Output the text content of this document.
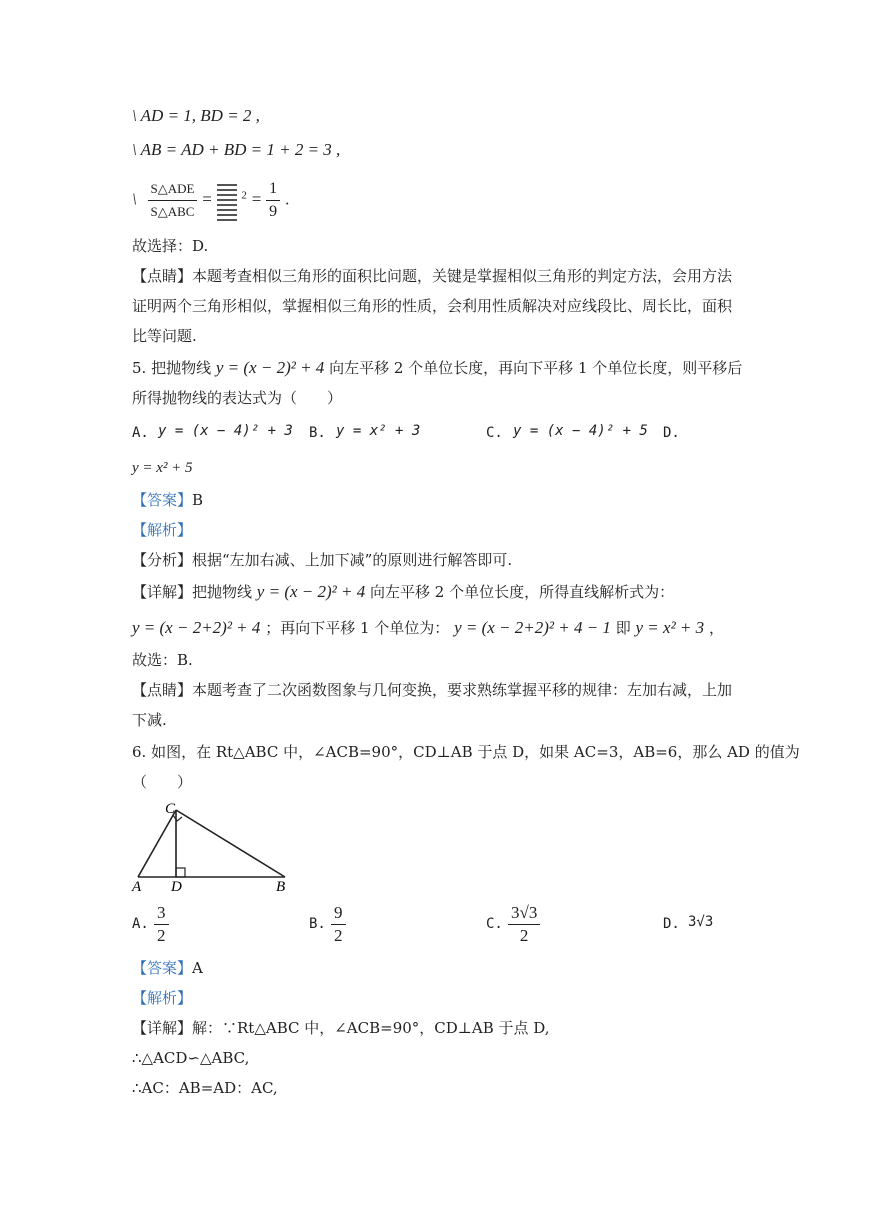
\ AD = 1, BD = 2 ,
\ AB = AD + BD = 1 + 2 = 3 ,
\ $\frac{\text{S△ADE}}{\text{S△ABC}}$ =	$^2 = \frac{1}{9}$ .
故选择：D.
【点睛】本题考查相似三角形的面积比问题，关键是掌握相似三角形的判定方法，会用方法
证明两个三角形相似，掌握相似三角形的性质，会利用性质解决对应线段比、周长比，面积
比等问题.
5. 把抛物线 y = (x − 2)² + 4 向左平移 2 个单位长度，再向下平移 1 个单位长度，则平移后
所得抛物线的表达式为（　　）
A. y = (x − 4)² + 3 B. y = x² + 3	C. y = (x − 4)² + 5 D.
y = x² + 5
【答案】B
【解析】
【分析】根据“左加右减、上加下减”的原则进行解答即可.
【详解】把抛物线 y = (x − 2)² + 4 向左平移 2 个单位长度，所得直线解析式为：
y = (x − 2+2)² + 4 ；再向下平移 1 个单位为： y = (x − 2+2)² + 4 − 1 即 y = x² + 3 ，
故选：B.
【点睛】本题考查了二次函数图象与几何变换，要求熟练掌握平移的规律：左加右减，上加
下减.
6. 如图，在 Rt△ABC 中，∠ACB=90°，CD⊥AB 于点 D，如果 AC=3，AB=6，那么 AD 的值为
（　　）
C
A D	B
A. $\frac{3}{2}$	B. $\frac{9}{2}$	C. $\frac{3√3}{2}$	D. 3√3
【答案】A
【解析】
【详解】解：∵Rt△ABC 中，∠ACB=90°，CD⊥AB 于点 D,
∴△ACD∽△ABC,
∴AC：AB=AD：AC,
